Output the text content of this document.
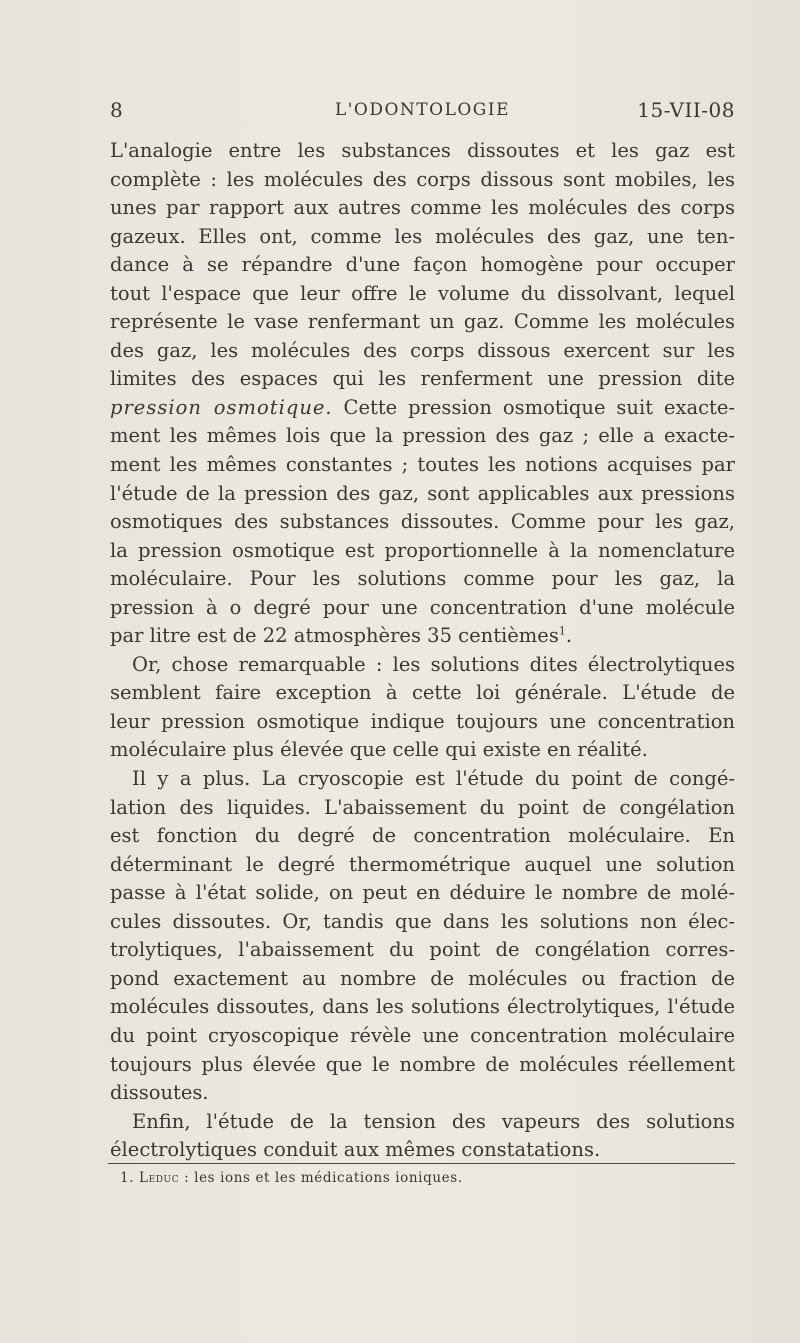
8	L'ODONTOLOGIE	15-VII-08
L'analogie entre les substances dissoutes et les gaz est
complète : les molécules des corps dissous sont mobiles, les
unes par rapport aux autres comme les molécules des corps
gazeux. Elles ont, comme les molécules des gaz, une ten-
dance à se répandre d'une façon homogène pour occuper
tout l'espace que leur offre le volume du dissolvant, lequel
représente le vase renfermant un gaz. Comme les molécules
des gaz, les molécules des corps dissous exercent sur les
limites des espaces qui les renferment une pression dite
pression osmotique. Cette pression osmotique suit exacte-
ment les mêmes lois que la pression des gaz ; elle a exacte-
ment les mêmes constantes ; toutes les notions acquises par
l'étude de la pression des gaz, sont applicables aux pressions
osmotiques des substances dissoutes. Comme pour les gaz,
la pression osmotique est proportionnelle à la nomenclature
moléculaire. Pour les solutions comme pour les gaz, la
pression à o degré pour une concentration d'une molécule
par litre est de 22 atmosphères 35 centièmes$^1$.
Or, chose remarquable : les solutions dites électrolytiques
semblent faire exception à cette loi générale. L'étude de
leur pression osmotique indique toujours une concentration
moléculaire plus élevée que celle qui existe en réalité.
Il y a plus. La cryoscopie est l'étude du point de congé-
lation des liquides. L'abaissement du point de congélation
est fonction du degré de concentration moléculaire. En
déterminant le degré thermométrique auquel une solution
passe à l'état solide, on peut en déduire le nombre de molé-
cules dissoutes. Or, tandis que dans les solutions non élec-
trolytiques, l'abaissement du point de congélation corres-
pond exactement au nombre de molécules ou fraction de
molécules dissoutes, dans les solutions électrolytiques, l'étude
du point cryoscopique révèle une concentration moléculaire
toujours plus élevée que le nombre de molécules réellement
dissoutes.
Enfin, l'étude de la tension des vapeurs des solutions
électrolytiques conduit aux mêmes constatations.
1. Leduc : les ions et les médications ioniques.
